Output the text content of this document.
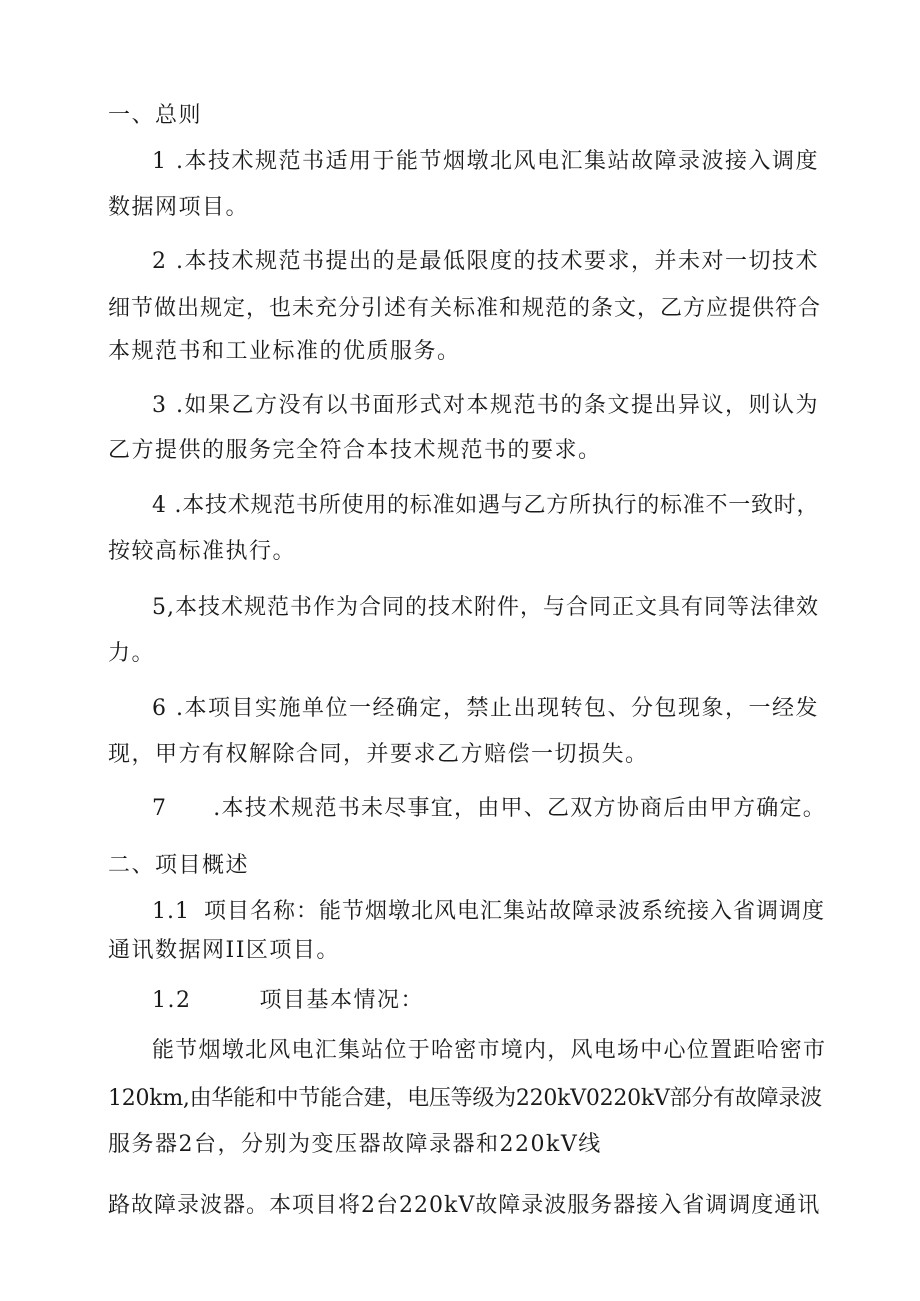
一、总则

1 .本技术规范书适用于能节烟墩北风电汇集站故障录波接入调度

数据网项目。

2 .本技术规范书提出的是最低限度的技术要求，并未对一切技术

细节做出规定，也未充分引述有关标准和规范的条文，乙方应提供符合

本规范书和工业标准的优质服务。

3 .如果乙方没有以书面形式对本规范书的条文提出异议，则认为

乙方提供的服务完全符合本技术规范书的要求。

4 .本技术规范书所使用的标准如遇与乙方所执行的标准不一致时，

按较高标准执行。

5,本技术规范书作为合同的技术附件，与合同正文具有同等法律效

力。

6 .本项目实施单位一经确定，禁止出现转包、分包现象，一经发

现，甲方有权解除合同，并要求乙方赔偿一切损失。

7 .本技术规范书未尽事宜，由甲、乙双方协商后由甲方确定。

二、项目概述

1.1 项目名称：能节烟墩北风电汇集站故障录波系统接入省调调度

通讯数据网II区项目。

1.2	项目基本情况：

能节烟墩北风电汇集站位于哈密市境内，风电场中心位置距哈密市

120km,由华能和中节能合建，电压等级为220kV0220kV部分有故障录波

服务器2台，分别为变压器故障录器和220kV线

路故障录波器。本项目将2台220kV故障录波服务器接入省调调度通讯
